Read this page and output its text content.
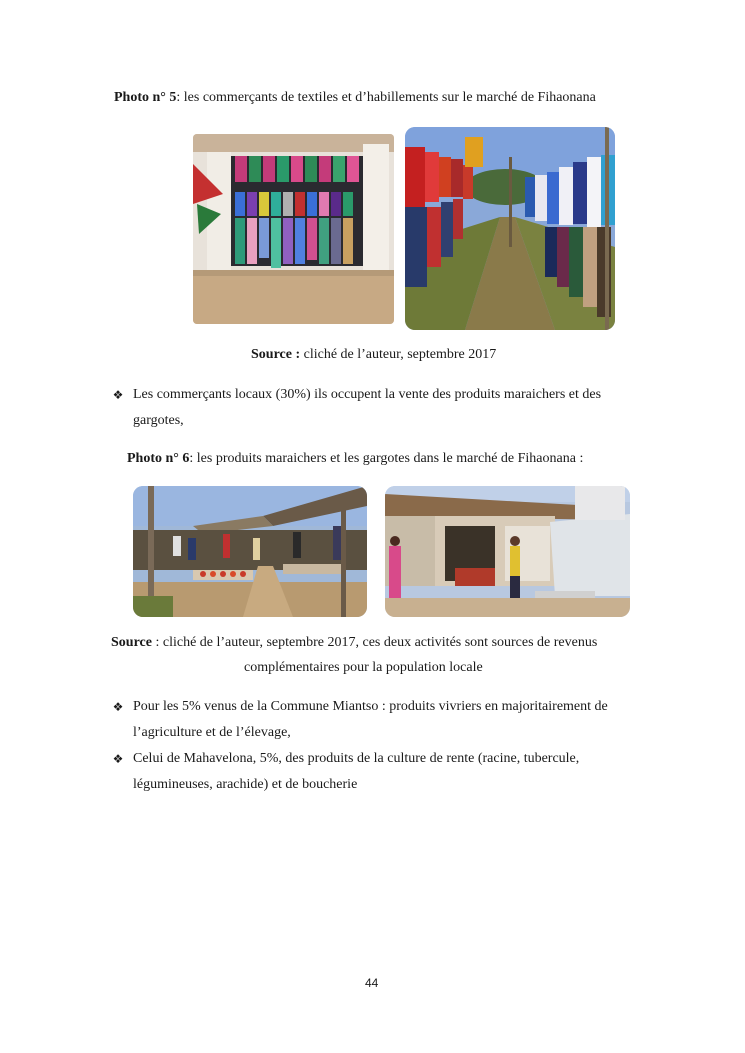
Photo n° 5: les commerçants de textiles et d’habillements sur le marché de Fihaonana
Source : cliché de l’auteur, septembre 2017
❖ Les commerçants locaux (30%) ils occupent la vente des produits maraichers et des
gargotes,
Photo n° 6: les produits maraichers et les gargotes dans le marché de Fihaonana :
Source : cliché de l’auteur, septembre 2017, ces deux activités sont sources de revenus
complémentaires pour la population locale
❖ Pour les 5% venus de la Commune Miantso : produits vivriers en majoritairement de
l’agriculture et de l’élevage,
❖ Celui de Mahavelona, 5%, des produits de la culture de rente (racine, tubercule,
légumineuses, arachide) et de boucherie
44
